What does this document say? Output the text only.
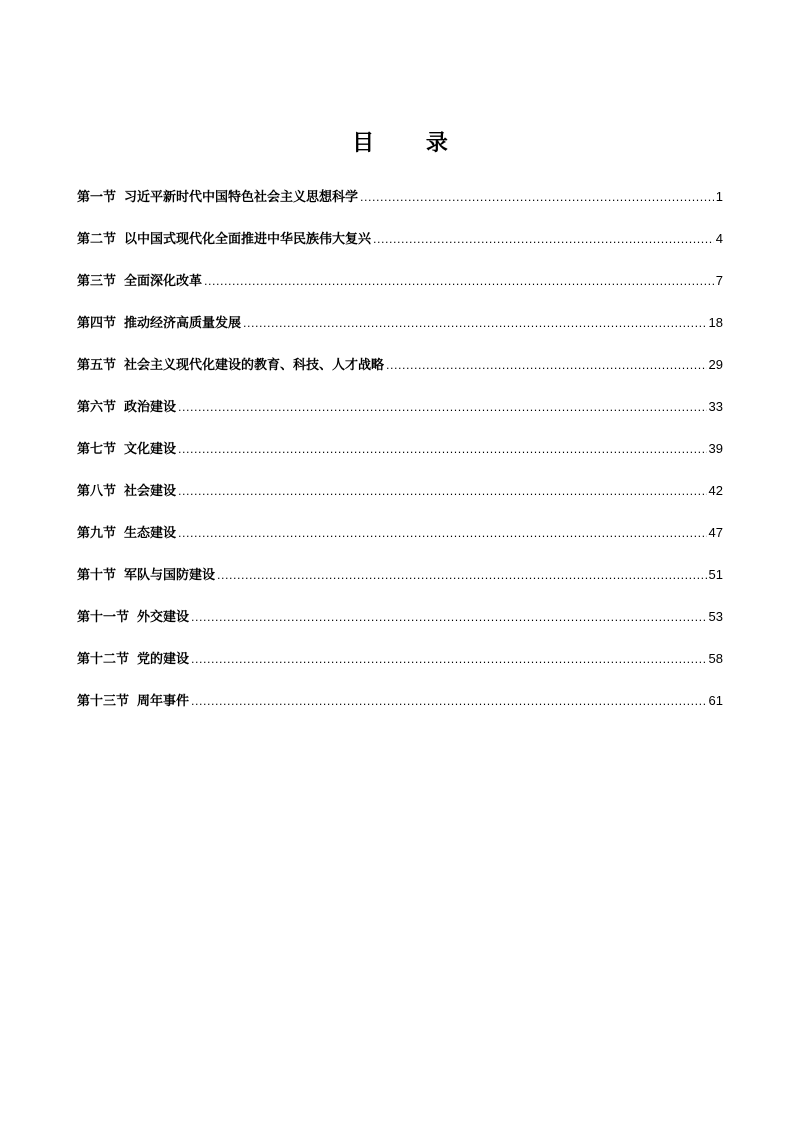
目 录
第一节 习近平新时代中国特色社会主义思想科学 .....	1
第二节 以中国式现代化全面推进中华民族伟大复兴 .....	4
第三节 全面深化改革 .....	7
第四节 推动经济高质量发展 .....	18
第五节 社会主义现代化建设的教育、科技、人才战略 .....	29
第六节 政治建设 .....	33
第七节 文化建设 .....	39
第八节 社会建设 .....	42
第九节 生态建设 .....	47
第十节 军队与国防建设 .....	51
第十一节 外交建设 .....	53
第十二节 党的建设 .....	58
第十三节 周年事件 .....	61
